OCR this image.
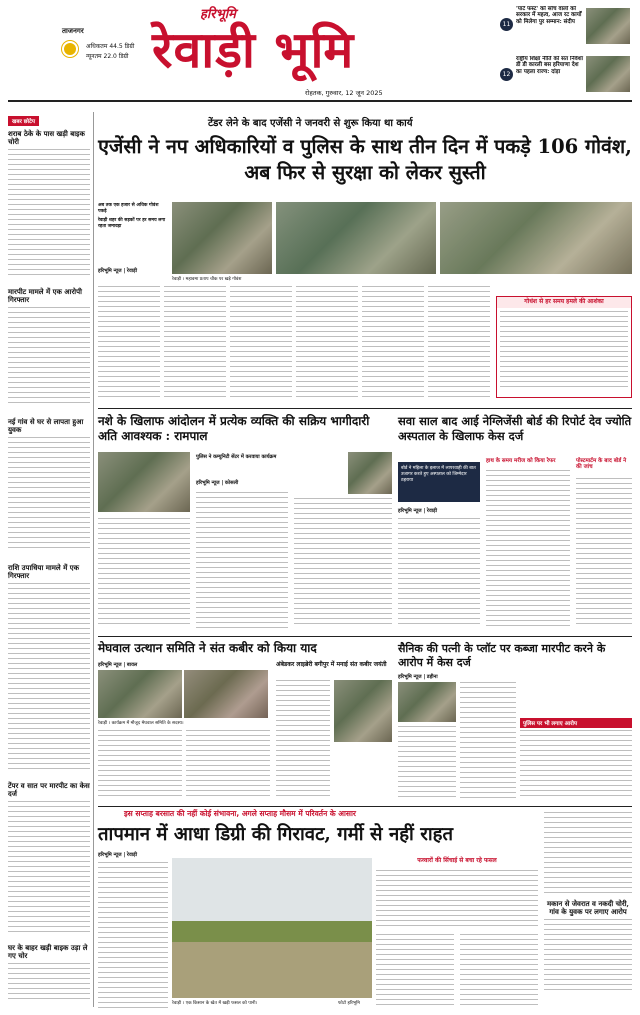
ताजनगर
अधिकतम 44.5 डिग्री
न्यूनतम 22.0 डिग्री
हरिभूमि
रेवाड़ी भूमि
रोहतक, गुरुवार, 12 जून 2025
11
'पार्ट फस्ट' को सोच वालों को सरकार में महत्व, आज रट कार्यों को मिलेगा पुर सम्मान: संदीप
12
राष्ट्रीय शिक्षा नीति को सत निवेशा डी डी कारली बस हरियाणा देश का पहला राज्य: दांड़ा
खबर छोटेप
शराब ठेके के पास खड़ी बाइक चोरी
मारपीट मामले में एक आरोपी गिरफ्तार
नई गांव से घर से लापता हुआ युवक
राशि उपाधिया मामले में एक गिरफ्तार
टेंपर व सात पर मारपीट का केस दर्ज
घर के बाहर खड़ी बाइक उड़ा ले गए चोर
टेंडर लेने के बाद एजेंसी ने जनवरी से शुरू किया था कार्य
एजेंसी ने नप अधिकारियों व पुलिस के साथ तीन दिन में पकड़े 106 गोवंश, अब फिर से सुरक्षा को लेकर सुस्ती
अब तक एक हजार से अधिक गोवंश पकड़े
रेवाड़ी शहर की सड़कों पर हर समय लगा रहता जमावड़ा
हरिभूमि न्यूज | रेवाड़ी
रेवाड़ी । महावमा प्रताप चौक पर खड़े गोवंश
गोधंश से हर समय हमले की आशंका
नशे के खिलाफ आंदोलन में प्रत्येक व्यक्ति की सक्रिय भागीदारी अति आवश्यक : रामपाल
पुलिस ने कम्युनिटी सेंटर में करवाया कार्यक्रम
हरिभूमि न्यूज | कोसली
सवा साल बाद आई नेग्लिजेंसी बोर्ड की रिपोर्ट देव ज्योति अस्पताल के खिलाफ केस दर्ज
बोर्ड ने महिला के इलाज में लापरवाही की बात उजागर करते हुए अस्पताल को जिम्मेदार ठहराया
हरिभूमि न्यूज | रेवाड़ी
हाथ के समय मरीज को किया रेफर	पोस्टमार्टम के बाद बोर्ड ने की जांच
मेघवाल उत्थान समिति ने संत कबीर को किया याद
हरिभूमि न्यूज | बावल
रेवाड़ी । कार्यक्रम में मौजूद मेघवाल समिति के सदस्य।
अंबेडकर लाइब्रेरी बगीपुर में मनाई संत कबीर जयंती
सैनिक की पत्नी के प्लॉट पर कब्जा मारपीट करने के आरोप में केस दर्ज
हरिभूमि न्यूज | डहीना
पुलिस पर भी लगाए आरोप
इस सप्ताह बरसात की नहीं कोई संभावना, अगले सप्ताह मौसम में परिवर्तन के आसार
तापमान में आधा डिग्री की गिरावट, गर्मी से नहीं राहत
हरिभूमि न्यूज | रेवाड़ी
रेवाड़ी । एक किसान के खेत में खड़ी फसल को पानी।	फोटो हरिभूमि
फव्वारों की सिंचाई से बचा रहे फसल
मकान से जेवरात व नकदी चोरी, गांव के युवक पर लगाए आरोप
